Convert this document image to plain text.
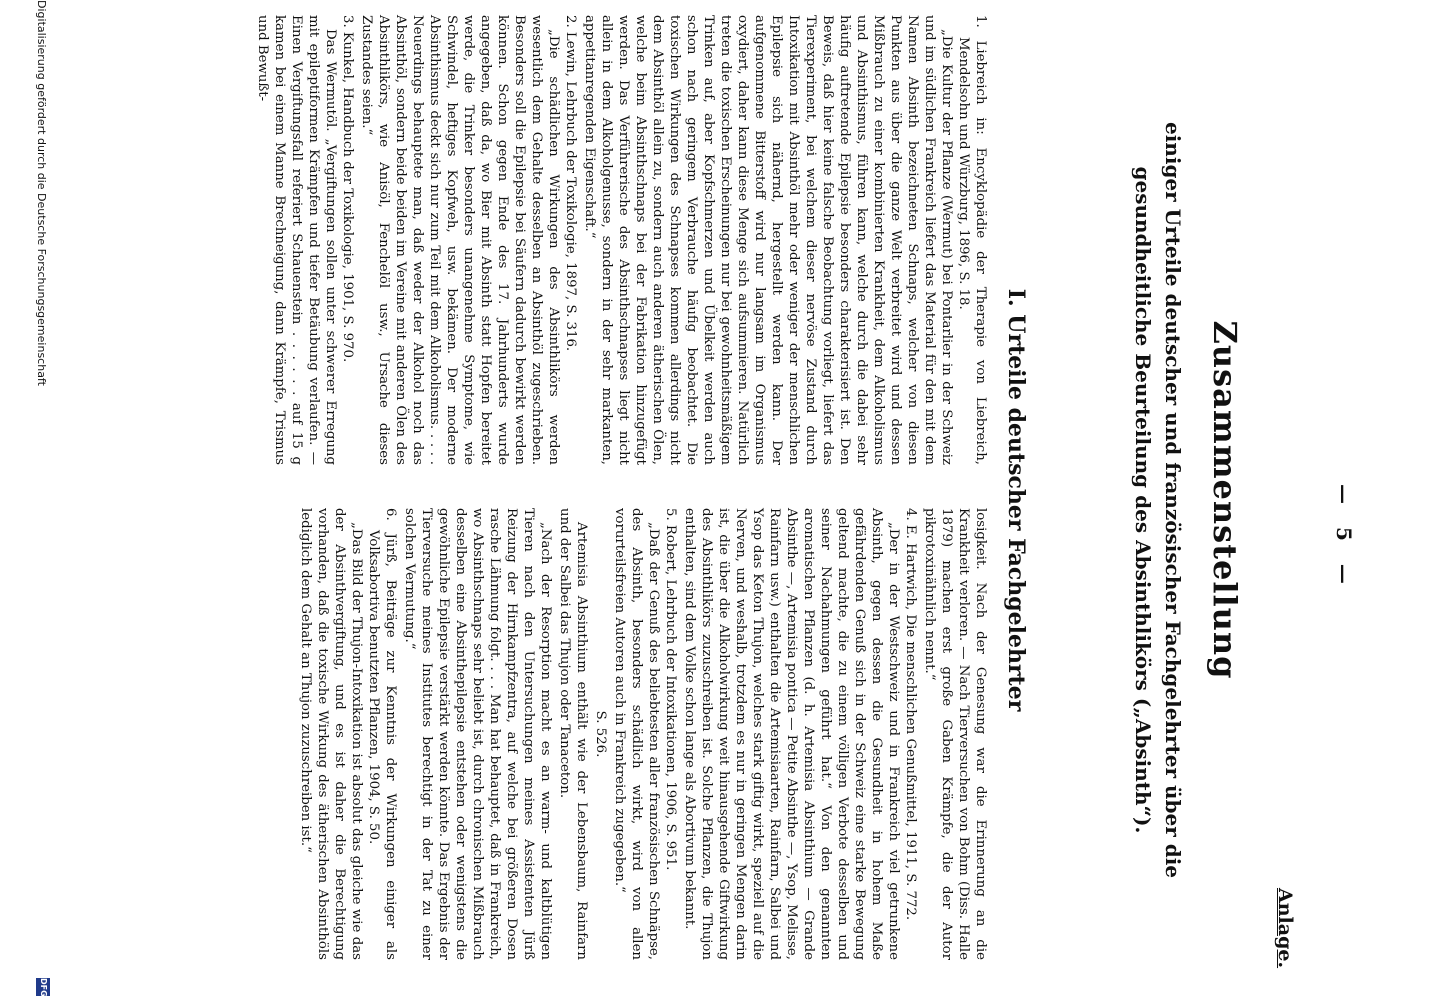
Anlage.
— 5 —
Zusammenstellung
einiger Urteile deutscher und französischer Fachgelehrter über die gesundheitliche Beurteilung des Absinthlikörs („Absinth“).
I. Urteile deutscher Fachgelehrter

1. Liebreich in: Encyklopädie der Therapie von Liebreich, Mendelsohn und Würzburg, 1896, S. 18.

„Die Kultur der Pflanze (Wermut) bei Pontarlier in der Schweiz und im südlichen Frankreich liefert das Material für den mit dem Namen Absinth bezeichneten Schnaps, welcher von diesen Punkten aus über die ganze Welt verbreitet wird und dessen Mißbrauch zu einer kombinierten Krankheit, dem Alkoholismus und Absinthismus, führen kann, welche durch die dabei sehr häufig auftretende Epilepsie besonders charakterisiert ist. Den Beweis, daß hier keine falsche Beobachtung vorliegt, liefert das Tierexperiment, bei welchem dieser nervöse Zustand durch Intoxikation mit Absinthöl mehr oder weniger der menschlichen Epilepsie sich nähernd, hergestellt werden kann. Der aufgenommene Bitterstoff wird nur langsam im Organismus oxydiert, daher kann diese Menge sich aufsummieren. Natürlich treten die toxischen Erscheinungen nur bei gewohnheitsmäßigem Trinken auf, aber Kopfschmerzen und Übelkeit werden auch schon nach geringem Verbrauche häufig beobachtet. Die toxischen Wirkungen des Schnapses kommen allerdings nicht dem Absinthöl allein zu, sondern auch anderen ätherischen Ölen, welche beim Absinthschnaps bei der Fabrikation hinzugefügt werden. Das Verführerische des Absinthschnapses liegt nicht allein in dem Alkoholgenusse, sondern in der sehr markanten, appetitanregenden Eigenschaft.“

2. Lewin, Lehrbuch der Toxikologie, 1897, S. 316.

„Die schädlichen Wirkungen des Absinthlikörs werden wesentlich dem Gehalte desselben an Absinthöl zugeschrieben. Besonders soll die Epilepsie bei Säufern dadurch bewirkt werden können. Schon gegen Ende des 17. Jahrhunderts wurde angegeben, daß da, wo Bier mit Absinth statt Hopfen bereitet werde, die Trinker besonders unangenehme Symptome, wie Schwindel, heftiges Kopfweh, usw. bekämen. Der moderne Absinthismus deckt sich nur zum Teil mit dem Alkoholismus. . . . . Neuerdings behauptete man, daß weder der Alkohol noch das Absinthöl, sondern beide beiden im Vereine mit anderen Ölen des Absinthlikörs, wie Anisöl, Fenchelöl usw., Ursache dieses Zustandes seien.“

3. Kunkel, Handbuch der Toxikologie, 1901, S. 970.

Das Wermutöl. „Vergiftungen sollen unter schwerer Erregung mit epileptiformen Krämpfen und tiefer Betäubung verlaufen. — Einen Vergiftungsfall referiert Schauenstein . . . . . . auf 15 g kamen bei einem Manne Brechneigung, dann Krämpfe, Trismus und Bewußt-

losigkeit. Nach der Genesung war die Erinnerung an die Krankheit verloren. — Nach Tierversuchen von Bohm (Diss. Halle 1879) machen erst große Gaben Krämpfe, die der Autor pikrotoxinähnlich nennt.“

4. E. Hartwich, Die menschlichen Genußmittel, 1911, S. 772.

„Der in der Westschweiz und in Frankreich viel getrunkene Absinth, gegen dessen die Gesundheit in hohem Maße gefährdenden Genuß sich in der Schweiz eine starke Bewegung geltend machte, die zu einem völligen Verbote desselben und seiner Nachahmungen geführt hat.“ Von den genannten aromatischen Pflanzen (d. h. Artemisia Absinthium — Grande Absinthe —, Artemisia pontica — Petite Absinthe —, Ysop, Melisse, Rainfarn usw.) enthalten die Artemisiaarten, Rainfarn, Salbei und Ysop das Keton Thujon, welches stark giftig wirkt, speziell auf die Nerven, und weshalb, trotzdem es nur in geringen Mengen darin ist, die über die Alkoholwirkung weit hinausgehende Giftwirkung des Absinthlikörs zuzuschreiben ist. Solche Pflanzen, die Thujon enthalten, sind dem Volke schon lange als Abortivum bekannt.

5. Robert, Lehrbuch der Intoxikationen, 1906, S. 951.

„Daß der Genuß des beliebtesten aller französischen Schnäpse, des Absinth, besonders schädlich wirkt, wird von allen vorurteilsfreien Autoren auch in Frankreich zugegeben.“

S. 526.

Artemisia Absinthium enthält wie der Lebensbaum, Rainfarn und der Salbei das Thujon oder Tanaceton.

„Nach der Resorption macht es an warm- und kaltblütigen Tieren nach den Untersuchungen meines Assistenten Jürß Reizung der Hirnkampfzentra, auf welche bei größeren Dosen rasche Lähmung folgt. . . . Man hat behauptet, daß in Frankreich, wo Absinthschnaps sehr beliebt ist, durch chronischen Mißbrauch desselben eine Absinthepilepsie entstehen oder wenigstens die gewöhnliche Epilepsie verstärkt werden könnte. Das Ergebnis der Tierversuche meines Institutes berechtigt in der Tat zu einer solchen Vermutung.“

6. Jürß, Beiträge zur Kenntnis der Wirkungen einiger als Volksabortiva benutzten Pflanzen, 1904, S. 50.

„Das Bild der Thujon-Intoxikation ist absolut das gleiche wie das der Absinthvergiftung, und es ist daher die Berechtigung vorhanden, daß die toxische Wirkung des ätherischen Absinthöls lediglich dem Gehalt an Thujon zuzuschreiben ist.“

Digitalisierung gefördert durch die Deutsche Forschungsgemeinschaft
DFG
